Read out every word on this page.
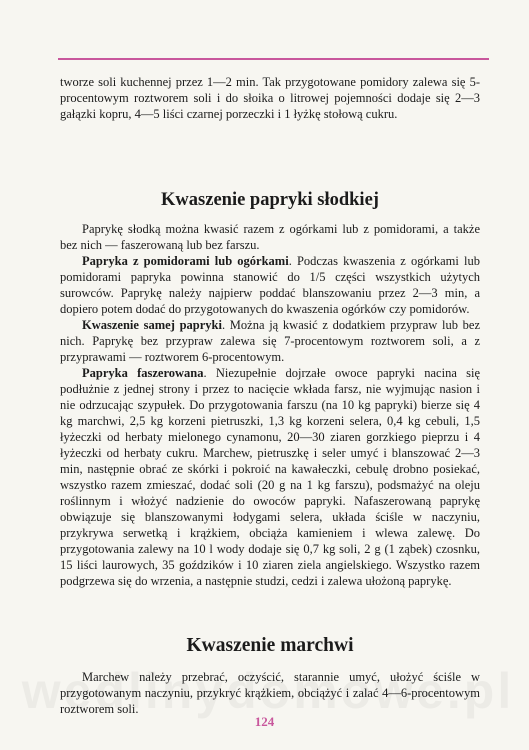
tworze soli kuchennej przez 1—2 min. Tak przygotowane pomidory zalewa się 5-procentowym roztworem soli i do słoika o litrowej pojemności dodaje się 2—3 gałązki kopru, 4—5 liści czarnej porzeczki i 1 łyżkę stołową cukru.

Kwaszenie papryki słodkiej

Paprykę słodką można kwasić razem z ogórkami lub z pomidorami, a także bez nich — faszerowaną lub bez farszu.

Papryka z pomidorami lub ogórkami. Podczas kwaszenia z ogórkami lub pomidorami papryka powinna stanowić do 1/5 części wszystkich użytych surowców. Paprykę należy najpierw poddać blanszowaniu przez 2—3 min, a dopiero potem dodać do przygotowanych do kwaszenia ogórków czy pomidorów.

Kwaszenie samej papryki. Można ją kwasić z dodatkiem przypraw lub bez nich. Paprykę bez przypraw zalewa się 7-procentowym roztworem soli, a z przyprawami — roztworem 6-procentowym.

Papryka faszerowana. Niezupełnie dojrzałe owoce papryki nacina się podłużnie z jednej strony i przez to nacięcie wkłada farsz, nie wyjmując nasion i nie odrzucając szypułek. Do przygotowania farszu (na 10 kg papryki) bierze się 4 kg marchwi, 2,5 kg korzeni pietruszki, 1,3 kg korzeni selera, 0,4 kg cebuli, 1,5 łyżeczki od herbaty mielonego cynamonu, 20—30 ziaren gorzkiego pieprzu i 4 łyżeczki od herbaty cukru. Marchew, pietruszkę i seler umyć i blanszować 2—3 min, następnie obrać ze skórki i pokroić na kawałeczki, cebulę drobno posiekać, wszystko razem zmieszać, dodać soli (20 g na 1 kg farszu), podsmażyć na oleju roślinnym i włożyć nadzienie do owoców papryki. Nafaszerowaną paprykę obwiązuje się blanszowanymi łodygami selera, układa ściśle w naczyniu, przykrywa serwetką i krążkiem, obciąża kamieniem i wlewa zalewę. Do przygotowania zalewy na 10 l wody dodaje się 0,7 kg soli, 2 g (1 ząbek) czosnku, 15 liści laurowych, 35 goździków i 10 ziaren ziela angielskiego. Wszystko razem podgrzewa się do wrzenia, a następnie studzi, cedzi i zalewa ułożoną paprykę.

Kwaszenie marchwi

Marchew należy przebrać, oczyścić, starannie umyć, ułożyć ściśle w przygotowanym naczyniu, przykryć krążkiem, obciążyć i zalać 4—6-procentowym roztworem soli.

124
